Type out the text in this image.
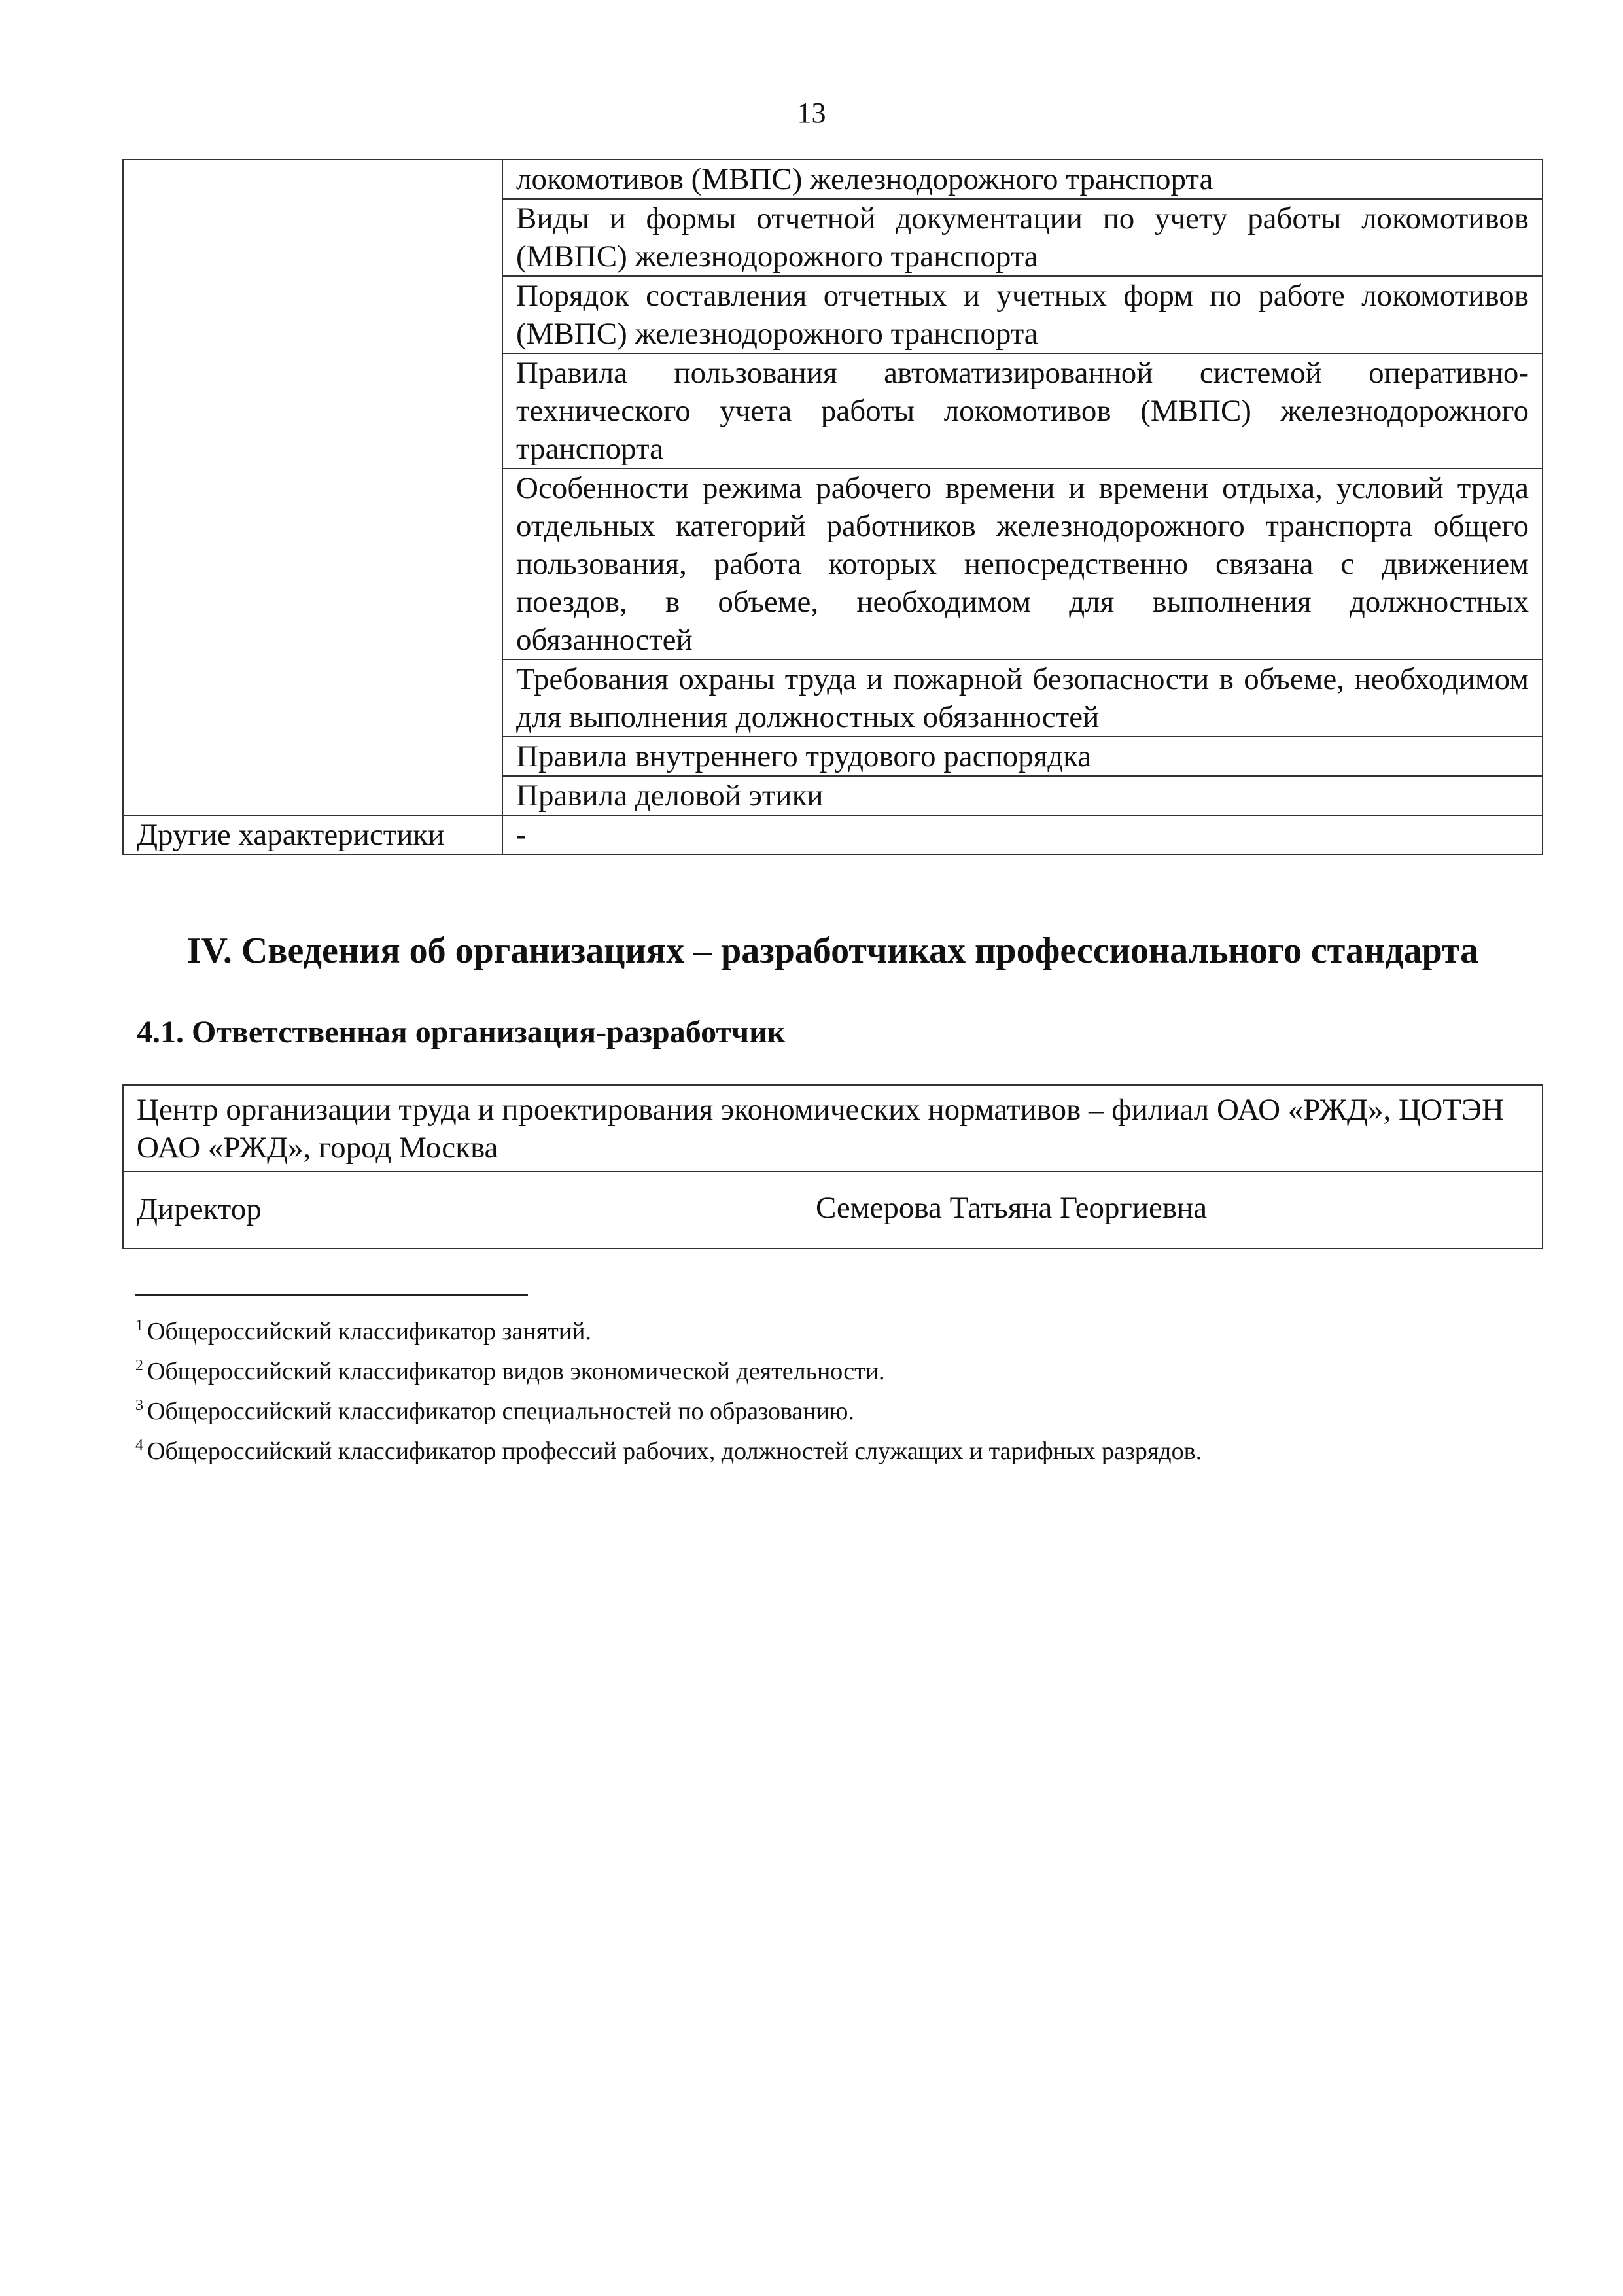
13
	локомотивов (МВПС) железнодорожного транспорта
	Виды и формы отчетной документации по учету работы локомотивов (МВПС) железнодорожного транспорта
	Порядок составления отчетных и учетных форм по работе локомотивов (МВПС) железнодорожного транспорта
	Правила пользования автоматизированной системой оперативно-технического учета работы локомотивов (МВПС) железнодорожного транспорта
	Особенности режима рабочего времени и времени отдыха, условий труда отдельных категорий работников железнодорожного транспорта общего пользования, работа которых непосредственно связана с движением поездов, в объеме, необходимом для выполнения должностных обязанностей
	Требования охраны труда и пожарной безопасности в объеме, необходимом для выполнения должностных обязанностей
	Правила внутреннего трудового распорядка
	Правила деловой этики
Другие характеристики	-
IV. Сведения об организациях – разработчиках профессионального стандарта
4.1. Ответственная организация-разработчик
Центр организации труда и проектирования экономических нормативов – филиал ОАО «РЖД», ЦОТЭН ОАО «РЖД», город Москва
Директор	Семерова Татьяна Георгиевна
$^1$ Общероссийский классификатор занятий.
$^2$ Общероссийский классификатор видов экономической деятельности.
$^3$ Общероссийский классификатор специальностей по образованию.
$^4$ Общероссийский классификатор профессий рабочих, должностей служащих и тарифных разрядов.
